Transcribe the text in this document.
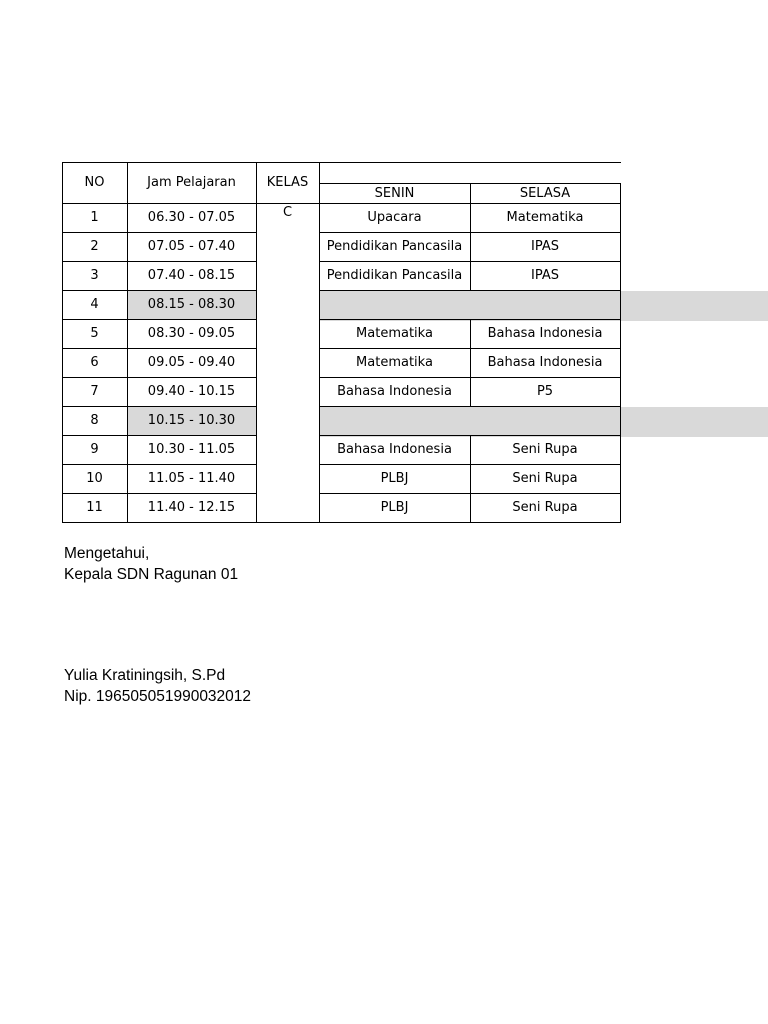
NO	Jam Pelajaran	KELAS
SENIN	SELASA
C
1	06.30 - 07.05	Upacara	Matematika
2	07.05 - 07.40	Pendidikan Pancasila	IPAS
3	07.40 - 08.15	Pendidikan Pancasila	IPAS
4	08.15 - 08.30
5	08.30 - 09.05	Matematika	Bahasa Indonesia
6	09.05 - 09.40	Matematika	Bahasa Indonesia
7	09.40 - 10.15	Bahasa Indonesia	P5
8	10.15 - 10.30
9	10.30 - 11.05	Bahasa Indonesia	Seni Rupa
10	11.05 - 11.40	PLBJ	Seni Rupa
11	11.40 - 12.15	PLBJ	Seni Rupa
Mengetahui,
Kepala SDN Ragunan 01
Yulia Kratiningsih, S.Pd
Nip. 196505051990032012
